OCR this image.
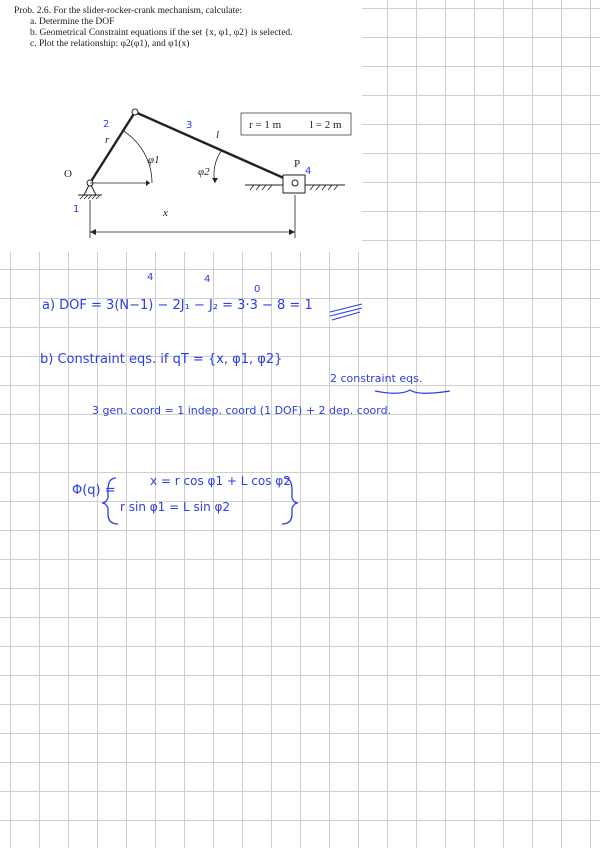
Prob. 2.6. For the slider-rocker-crank mechanism, calculate:
a. Determine the DOF
b. Geometrical Constraint equations if the set {x, φ1, φ2} is selected.
c. Plot the relationship: φ2(φ1), and φ1(x)
r = 1 m	l = 2 m
O
P
r	l
x
φ1
φ2
1
2	3
4
4	4
0
a) DOF = 3(N−1) − 2J₁ − J₂ = 3·3 − 8 = 1
b) Constraint eqs. if qT = {x, φ1, φ2}
2 constraint eqs.
3 gen. coord = 1 indep. coord (1 DOF) + 2 dep. coord.
Φ(q) =
x = r cos φ1 + L cos φ2
r sin φ1 = L sin φ2
